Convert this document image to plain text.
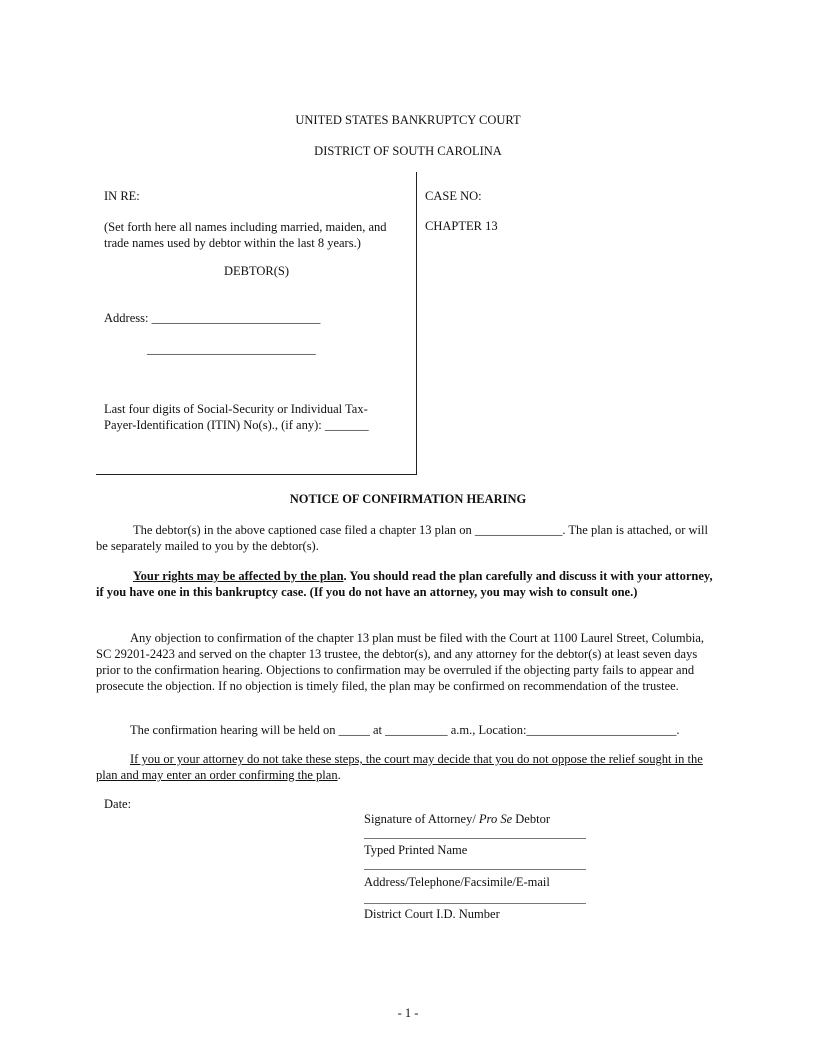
UNITED STATES BANKRUPTCY COURT
DISTRICT OF SOUTH CAROLINA
IN RE:
(Set forth here all names including married, maiden, and
trade names used by debtor within the last 8 years.)
DEBTOR(S)
Address: ___________________________
___________________________
Last four digits of Social-Security or Individual Tax-
Payer-Identification (ITIN) No(s)., (if any): _______
CASE NO:
CHAPTER 13
NOTICE OF CONFIRMATION HEARING

The debtor(s) in the above captioned case filed a chapter 13 plan on ______________. The plan is attached, or will be separately mailed to you by the debtor(s).

Your rights may be affected by the plan. You should read the plan carefully and discuss it with your attorney, if you have one in this bankruptcy case. (If you do not have an attorney, you may wish to consult one.)

Any objection to confirmation of the chapter 13 plan must be filed with the Court at 1100 Laurel Street, Columbia, SC 29201-2423 and served on the chapter 13 trustee, the debtor(s), and any attorney for the debtor(s) at least seven days prior to the confirmation hearing. Objections to confirmation may be overruled if the objecting party fails to appear and prosecute the objection. If no objection is timely filed, the plan may be confirmed on recommendation of the trustee.

The confirmation hearing will be held on _____ at __________ a.m., Location:________________________.

If you or your attorney do not take these steps, the court may decide that you do not oppose the relief sought in the plan and may enter an order confirming the plan.

Date:
Signature of Attorney/ Pro Se Debtor
Typed Printed Name
Address/Telephone/Facsimile/E-mail
District Court I.D. Number
- 1 -
